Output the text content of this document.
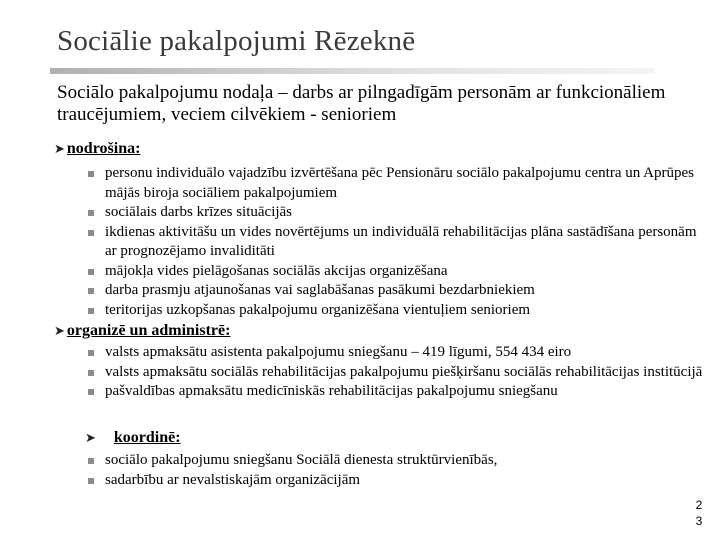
Sociālie pakalpojumi Rēzeknē
Sociālo pakalpojumu nodaļa – darbs ar pilngadīgām personām ar funkcionāliem traucējumiem, veciem cilvēkiem - senioriem
➤ nodrošina:
personu individuālo vajadzību izvērtēšana pēc Pensionāru sociālo pakalpojumu centra un Aprūpes mājās biroja sociāliem pakalpojumiem
sociālais darbs krīzes situācijās
ikdienas aktivitāšu un vides novērtējums un individuālā rehabilitācijas plāna sastādīšana personām ar prognozējamo invaliditāti
mājokļa vides pielāgošanas sociālās akcijas organizēšana
darba prasmju atjaunošanas vai saglabāšanas pasākumi bezdarbniekiem
teritorijas uzkopšanas pakalpojumu organizēšana vientuļiem senioriem
➤ organizē un administrē:
valsts apmaksātu asistenta pakalpojumu sniegšanu – 419 līgumi, 554 434 eiro
valsts apmaksātu sociālās rehabilitācijas pakalpojumu piešķiršanu sociālās rehabilitācijas institūcijā
pašvaldības apmaksātu medicīniskās rehabilitācijas pakalpojumu sniegšanu
➤ koordinē:
sociālo pakalpojumu sniegšanu Sociālā dienesta struktūrvienībās,
sadarbību ar nevalstiskajām organizācijām
2 3
